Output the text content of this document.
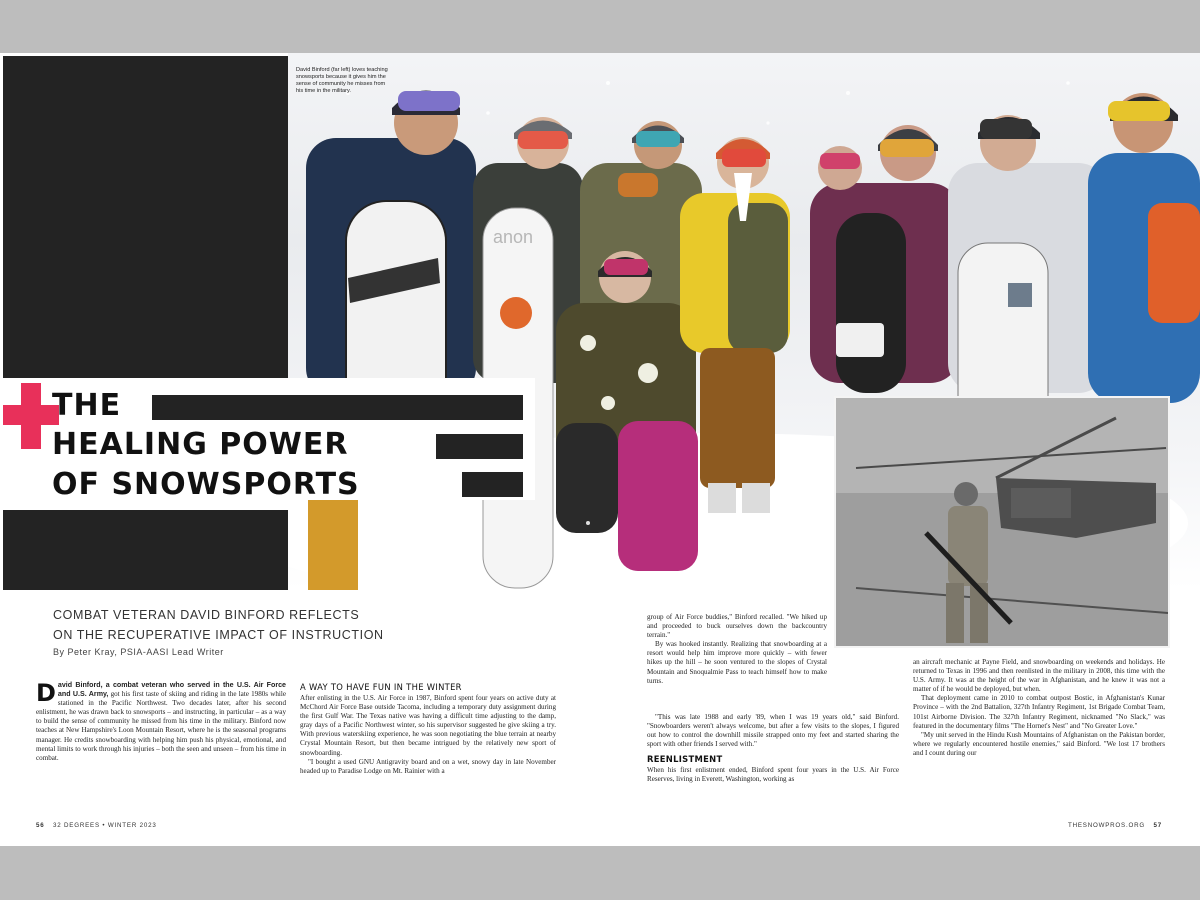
anon
David Binford (far left) loves teaching snowsports because it gives him the sense of community he misses from his time in the military.
THE
HEALING POWER
OF SNOWSPORTS
COMBAT VETERAN DAVID BINFORD REFLECTS
ON THE RECUPERATIVE IMPACT OF INSTRUCTION
By Peter Kray, PSIA-AASI Lead Writer
D avid Binford, a combat veteran who served in the U.S. Air Force and U.S. Army, got his first taste of skiing and riding in the late 1980s while stationed in the Pacific Northwest. Two decades later, after his second enlistment, he was drawn back to snowsports – and instructing, in particular – as a way to build the sense of community he missed from his time in the military. Binford now teaches at New Hampshire's Loon Mountain Resort, where he is the seasonal programs manager. He credits snowboarding with helping him push his physical, emotional, and mental limits to work through his injuries – both the seen and unseen – from his time in combat.
A WAY TO HAVE FUN IN THE WINTER

After enlisting in the U.S. Air Force in 1987, Binford spent four years on active duty at McChord Air Force Base outside Tacoma, including a temporary duty assignment during the first Gulf War. The Texas native was having a difficult time adjusting to the damp, gray days of a Pacific Northwest winter, so his supervisor suggested he give skiing a try. With previous waterskiing experience, he was soon negotiating the blue terrain at nearby Crystal Mountain Resort, but then became intrigued by the relatively new sport of snowboarding.

"I bought a used GNU Antigravity board and on a wet, snowy day in late November headed up to Paradise Lodge on Mt. Rainier with a

group of Air Force buddies," Binford recalled. "We hiked up and proceeded to buck ourselves down the backcountry terrain."

By was hooked instantly. Realizing that snowboarding at a resort would help him improve more quickly – with fewer hikes up the hill – he soon ventured to the slopes of Crystal Mountain and Snoqualmie Pass to teach himself how to make turns.

"This was late 1988 and early '89, when I was 19 years old," said Binford. "Snowboarders weren't always welcome, but after a few visits to the slopes, I figured out how to control the downhill missile strapped onto my feet and started sharing the sport with other friends I served with."

REENLISTMENT

When his first enlistment ended, Binford spent four years in the U.S. Air Force Reserves, living in Everett, Washington, working as

an aircraft mechanic at Payne Field, and snowboarding on weekends and holidays. He returned to Texas in 1996 and then reenlisted in the military in 2008, this time with the U.S. Army. It was at the height of the war in Afghanistan, and he knew it was not a matter of if he would be deployed, but when.

That deployment came in 2010 to combat outpost Bostic, in Afghanistan's Kunar Province – with the 2nd Battalion, 327th Infantry Regiment, 1st Brigade Combat Team, 101st Airborne Division. The 327th Infantry Regiment, nicknamed "No Slack," was featured in the documentary films "The Hornet's Nest" and "No Greater Love."

"My unit served in the Hindu Kush Mountains of Afghanistan on the Pakistan border, where we regularly encountered hostile enemies," said Binford. "We lost 17 brothers and I count during our

56 32 DEGREES • WINTER 2023	THESNOWPROS.ORG 57
